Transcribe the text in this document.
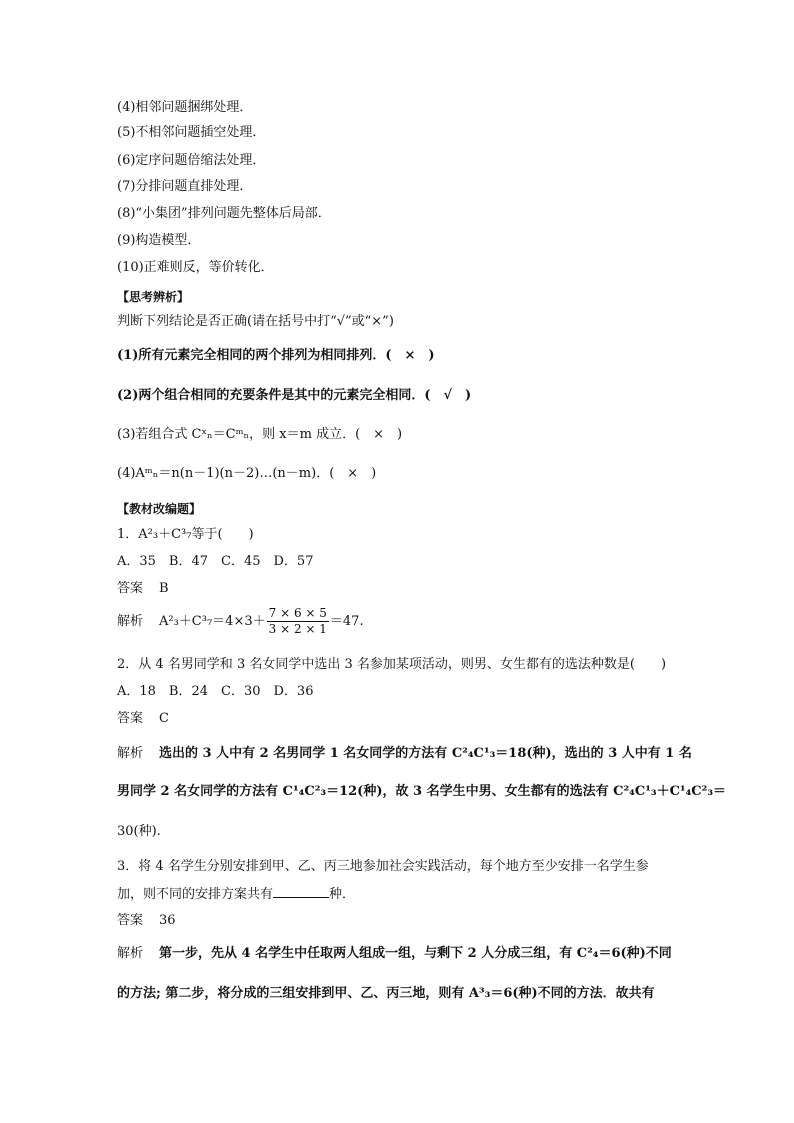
(4)相邻问题捆绑处理．
(5)不相邻问题插空处理．
(6)定序问题倍缩法处理．
(7)分排问题直排处理．
(8)“小集团”排列问题先整体后局部．
(9)构造模型．
(10)正难则反，等价转化．
【思考辨析】
判断下列结论是否正确(请在括号中打“√”或“×”)
(1)所有元素完全相同的两个排列为相同排列．(　×　)
(2)两个组合相同的充要条件是其中的元素完全相同．(　√　)
(3)若组合式 Cˣₙ＝Cᵐₙ，则 x＝m 成立．(　×　)
(4)Aᵐₙ＝n(n－1)(n－2)…(n－m)．(　×　)
【教材改编题】
1．A²₃＋C³₇等于(　　)
A．35　B．47　C．45　D．57
答案 B
解析 $A^2_3+C^3_7=4\times 3+ \frac{7 \times 6 \times 5}{3 \times 2 \times 1} =47$.
2．从 4 名男同学和 3 名女同学中选出 3 名参加某项活动，则男、女生都有的选法种数是(　　)
A．18　B．24　C．30　D．36
答案 C
解析 选出的 3 人中有 2 名男同学 1 名女同学的方法有 C²₄C¹₃＝18(种)，选出的 3 人中有 1 名
男同学 2 名女同学的方法有 C¹₄C²₃＝12(种)，故 3 名学生中男、女生都有的选法有 C²₄C¹₃＋C¹₄C²₃＝
30(种).
3．将 4 名学生分别安排到甲、乙、丙三地参加社会实践活动，每个地方至少安排一名学生参
加，则不同的安排方案共有	种．
答案 36
解析 第一步，先从 4 名学生中任取两人组成一组，与剩下 2 人分成三组，有 C²₄＝6(种)不同
的方法; 第二步，将分成的三组安排到甲、乙、丙三地，则有 A³₃＝6(种)不同的方法．故共有
